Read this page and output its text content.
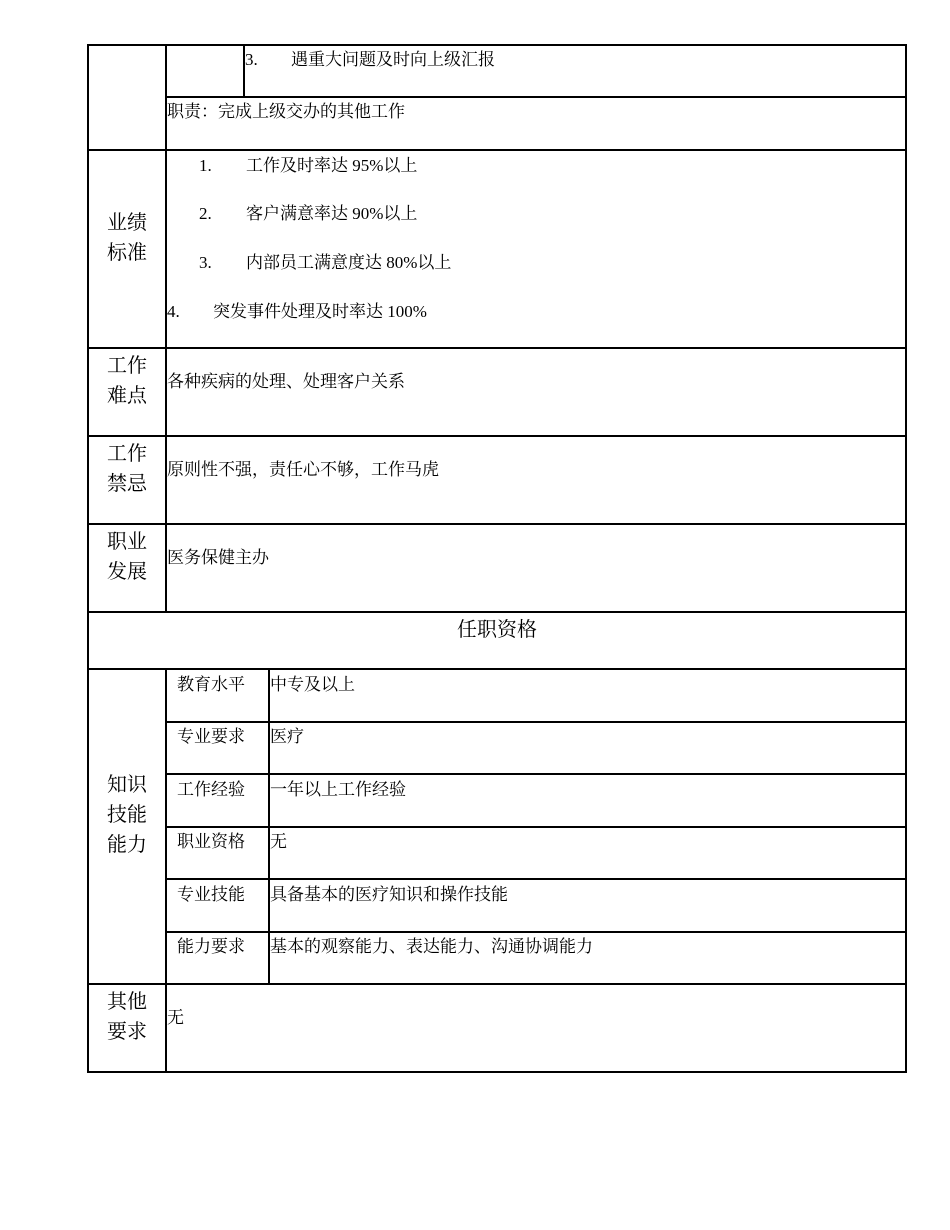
3. 遇重大问题及时向上级汇报
职责：完成上级交办的其他工作
业绩
标准
1. 工作及时率达 95%以上
2. 客户满意率达 90%以上
3. 内部员工满意度达 80%以上
4. 突发事件处理及时率达 100%
工作
难点
各种疾病的处理、处理客户关系
工作
禁忌
原则性不强，责任心不够，工作马虎
职业
发展
医务保健主办
任职资格
知识
技能
能力
教育水平 中专及以上
专业要求 医疗
工作经验 一年以上工作经验
职业资格 无
专业技能 具备基本的医疗知识和操作技能
能力要求 基本的观察能力、表达能力、沟通协调能力
其他
要求
无
